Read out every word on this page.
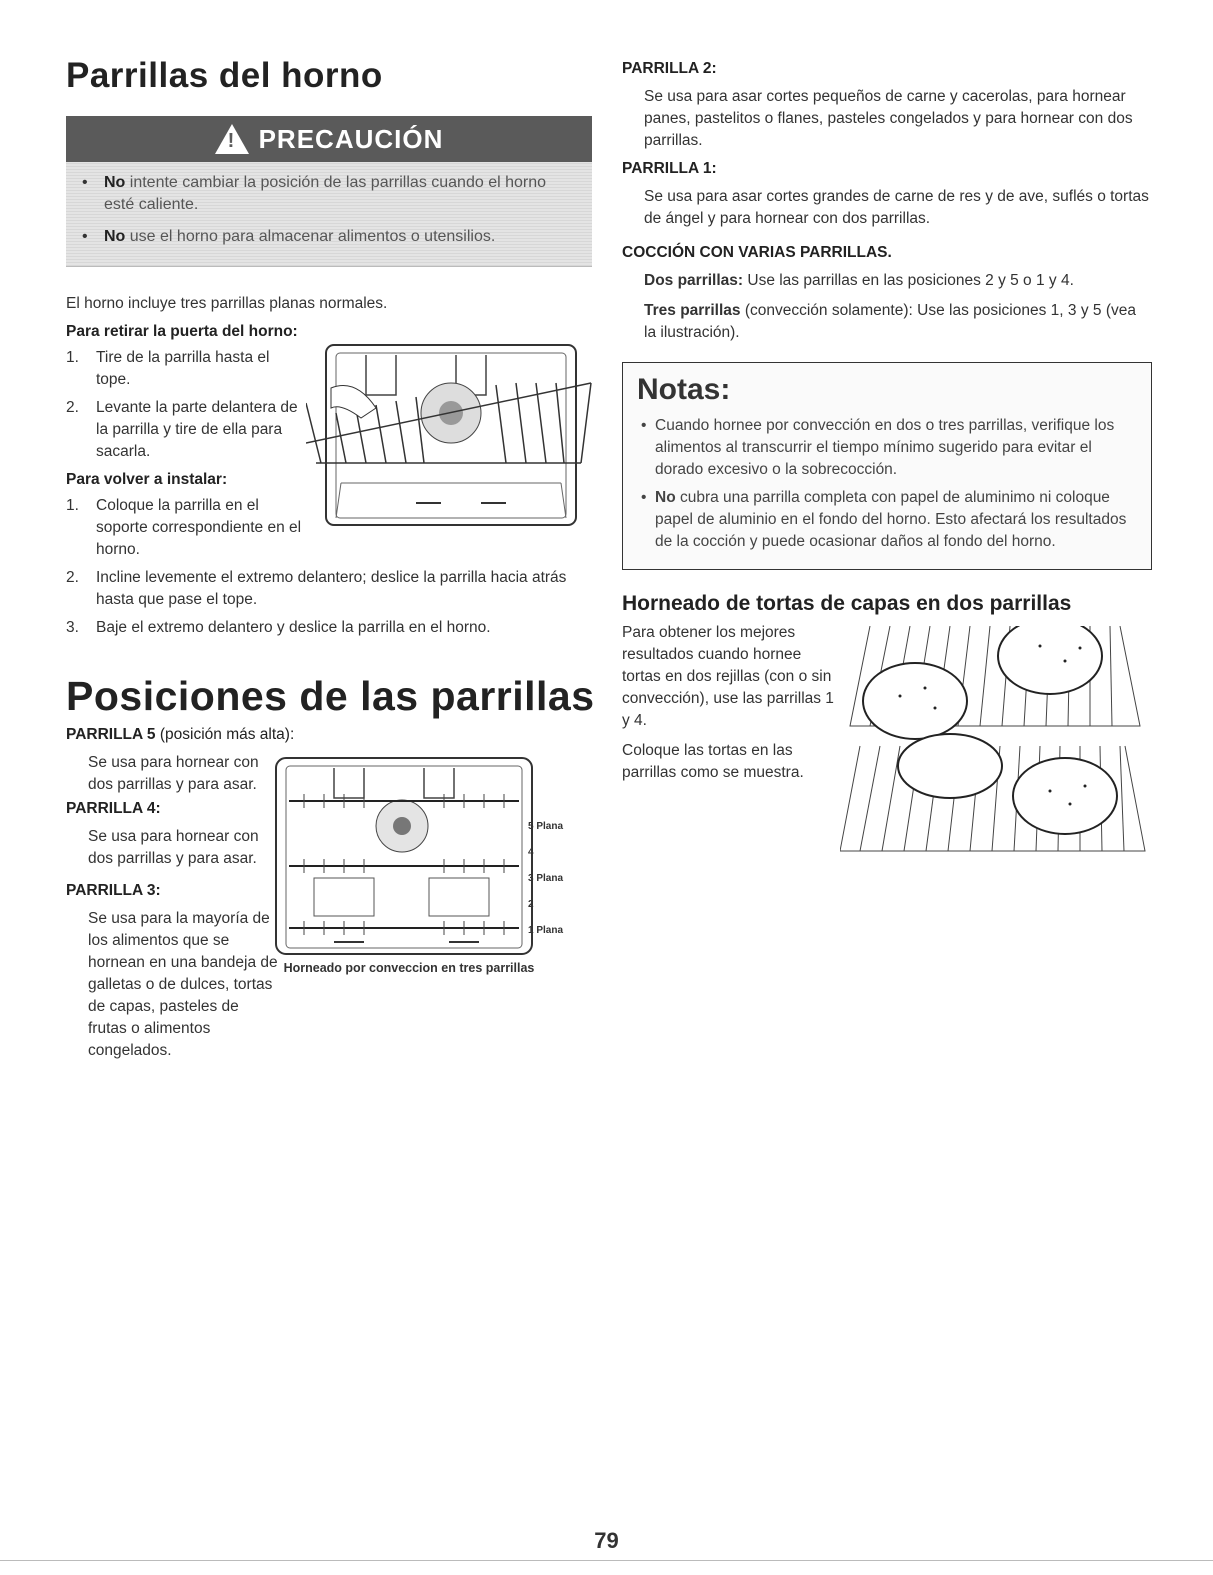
Parrillas del horno
! PRECAUCIÓN
• No intente cambiar la posición de las parrillas cuando el horno esté caliente.
• No use el horno para almacenar alimentos o utensilios.

El horno incluye tres parrillas planas normales.

Para retirar la puerta del horno:
1. Tire de la parrilla hasta el tope.
2. Levante la parte delantera de la parrilla y tire de ella para sacarla.
Para volver a instalar:
1. Coloque la parrilla en el soporte correspondiente en el horno.
2. Incline levemente el extremo delantero; deslice la parrilla hacia atrás hasta que pase el tope.
3. Baje el extremo delantero y deslice la parrilla en el horno.
Posiciones de las parrillas
PARRILLA 5 (posición más alta):

Se usa para hornear con dos parrillas y para asar.

PARRILLA 4:

Se usa para hornear con dos parrillas y para asar.

PARRILLA 3:

Se usa para la mayoría de los alimentos que se hornean en una bandeja de galletas o de dulces, tortas de capas, pasteles de frutas o alimentos congelados.

5 Plana
4
3 Plana
2
1 Plana
Horneado por conveccion en tres parrillas
PARRILLA 2:

Se usa para asar cortes pequeños de carne y cacerolas, para hornear panes, pastelitos o flanes, pasteles congelados y para hornear con dos parrillas.

PARRILLA 1:

Se usa para asar cortes grandes de carne de res y de ave, suflés o tortas de ángel y para hornear con dos parrillas.

COCCIÓN CON VARIAS PARRILLAS.

Dos parrillas: Use las parrillas en las posiciones 2 y 5 o 1 y 4.

Tres parrillas (convección solamente): Use las posiciones 1, 3 y 5 (vea la ilustración).

Notas:
• Cuando hornee por convección en dos o tres parrillas, verifique los alimentos al transcurrir el tiempo mínimo sugerido para evitar el dorado excesivo o la sobrecocción.
• No cubra una parrilla completa con papel de aluminimo ni coloque papel de aluminio en el fondo del horno. Esto afectará los resultados de la cocción y puede ocasionar daños al fondo del horno.
Horneado de tortas de capas en dos parrillas

Para obtener los mejores resultados cuando hornee tortas en dos rejillas (con o sin convección), use las parrillas 1 y 4.

Coloque las tortas en las parrillas como se muestra.

79
